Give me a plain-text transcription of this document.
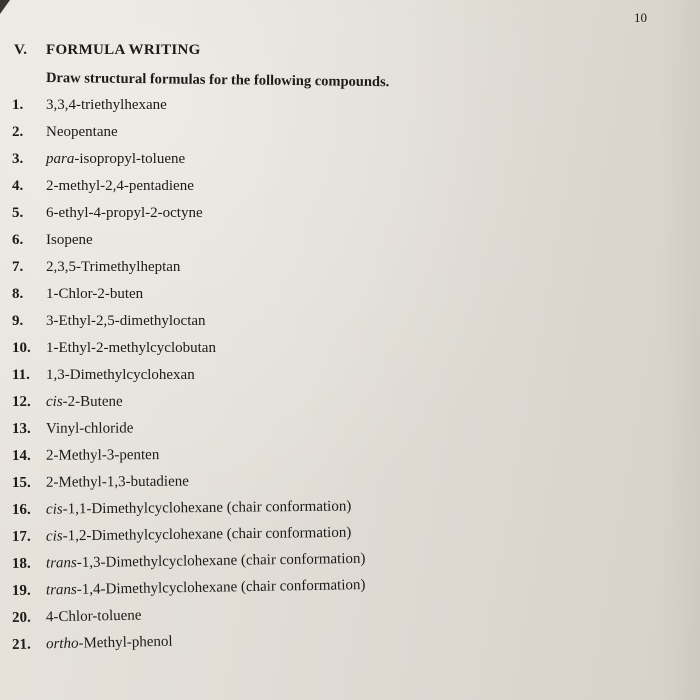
10
V. FORMULA WRITING
Draw structural formulas for the following compounds.
1. 3,3,4-triethylhexane
2. Neopentane
3. para-isopropyl-toluene
4. 2-methyl-2,4-pentadiene
5. 6-ethyl-4-propyl-2-octyne
6. Isopene
7. 2,3,5-Trimethylheptan
8. 1-Chlor-2-buten
9. 3-Ethyl-2,5-dimethyloctan
10. 1-Ethyl-2-methylcyclobutan
11. 1,3-Dimethylcyclohexan
12. cis-2-Butene
13. Vinyl-chloride
14. 2-Methyl-3-penten
15. 2-Methyl-1,3-butadiene
16. cis-1,1-Dimethylcyclohexane (chair conformation)
17. cis-1,2-Dimethylcyclohexane (chair conformation)
18. trans-1,3-Dimethylcyclohexane (chair conformation)
19. trans-1,4-Dimethylcyclohexane (chair conformation)
20. 4-Chlor-toluene
21. ortho-Methyl-phenol
